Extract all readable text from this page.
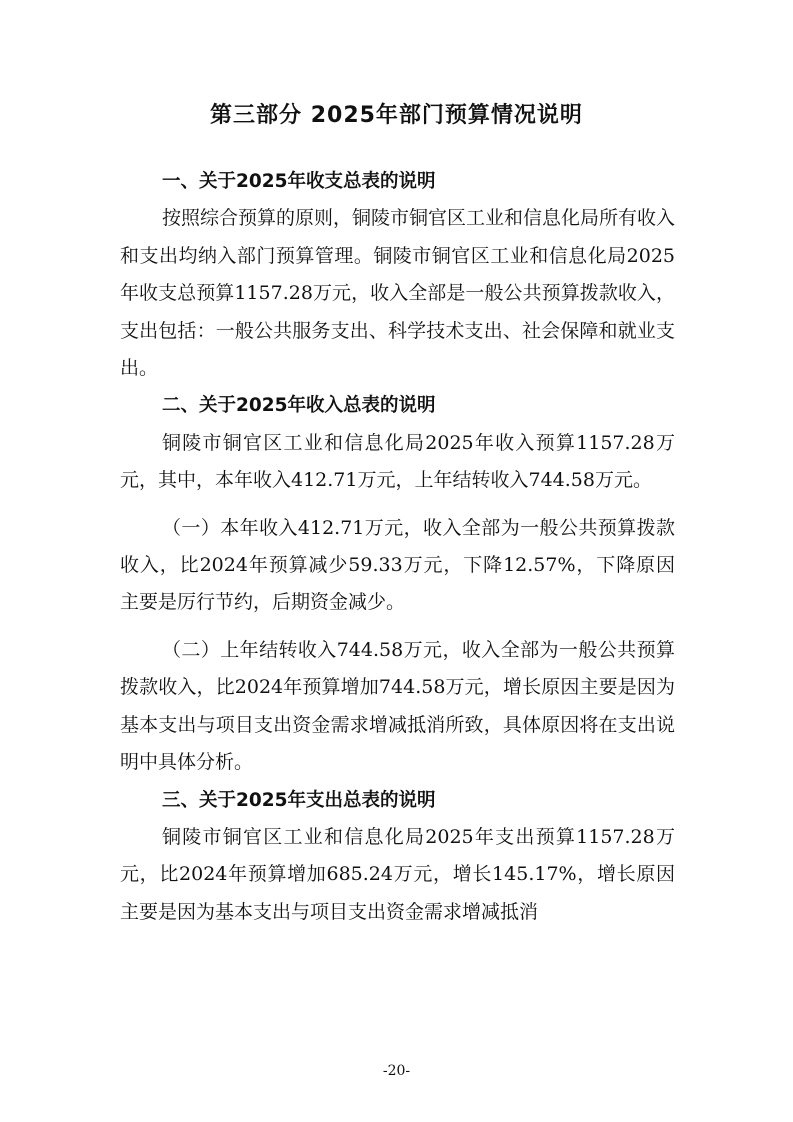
第三部分 2025年部门预算情况说明

一、关于2025年收支总表的说明

按照综合预算的原则，铜陵市铜官区工业和信息化局所有收入和支出均纳入部门预算管理。铜陵市铜官区工业和信息化局2025年收支总预算1157.28万元，收入全部是一般公共预算拨款收入，支出包括：一般公共服务支出、科学技术支出、社会保障和就业支出。

二、关于2025年收入总表的说明

铜陵市铜官区工业和信息化局2025年收入预算1157.28万元，其中，本年收入412.71万元，上年结转收入744.58万元。

（一）本年收入412.71万元，收入全部为一般公共预算拨款收入，比2024年预算减少59.33万元，下降12.57%，下降原因主要是厉行节约，后期资金减少。

（二）上年结转收入744.58万元，收入全部为一般公共预算拨款收入，比2024年预算增加744.58万元，增长原因主要是因为基本支出与项目支出资金需求增减抵消所致，具体原因将在支出说明中具体分析。

三、关于2025年支出总表的说明

铜陵市铜官区工业和信息化局2025年支出预算1157.28万元，比2024年预算增加685.24万元，增长145.17%，增长原因主要是因为基本支出与项目支出资金需求增减抵消

-20-
